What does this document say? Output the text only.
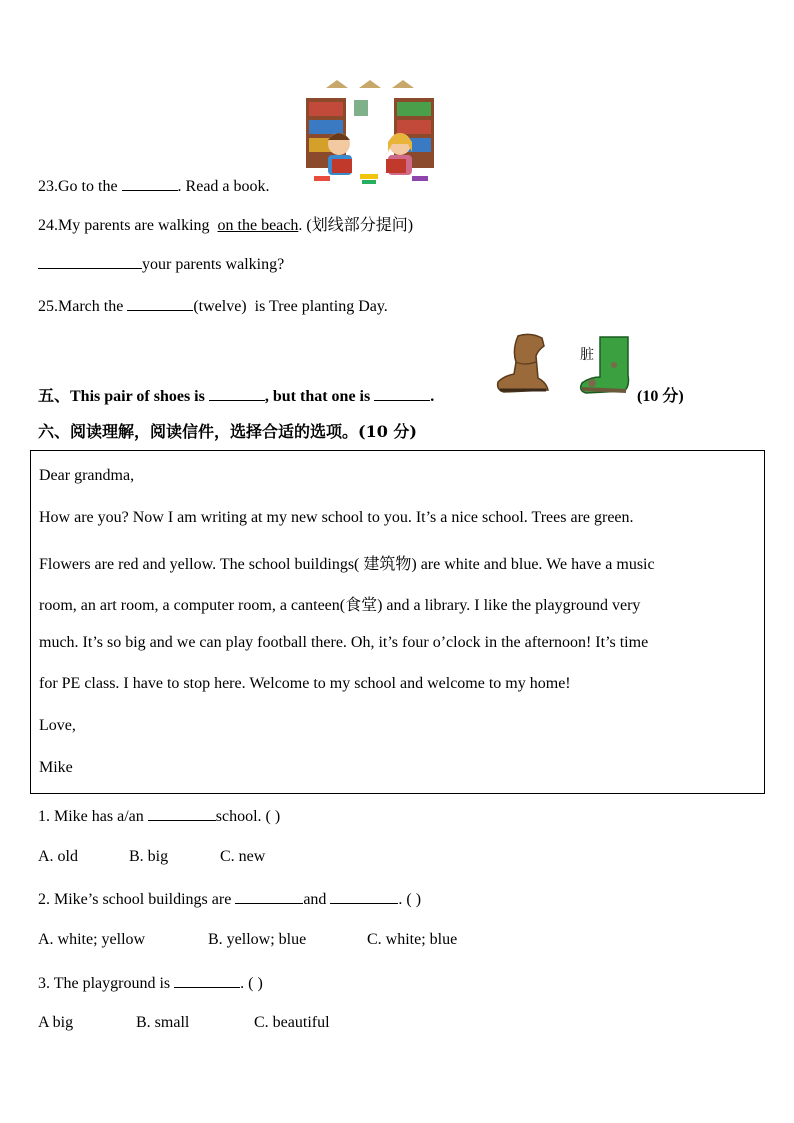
23.Go to the	. Read a book.
24.My parents are walking on the beach. (划线部分提问)
your parents walking?
25.March the	(twelve) is Tree planting Day.
五、This pair of shoes is	, but that one is	.
脏
(10 分)
六、阅读理解，阅读信件，选择合适的选项。(10 分)
Dear grandma,
How are you? Now I am writing at my new school to you. It’s a nice school. Trees are green.
Flowers are red and yellow. The school buildings( 建筑物) are white and blue. We have a music
room, an art room, a computer room, a canteen(食堂) and a library. I like the playground very
much. It’s so big and we can play football there. Oh, it’s four o’clock in the afternoon! It’s time
for PE class. I have to stop here. Welcome to my school and welcome to my home!
Love,
Mike
1. Mike has a/an	school. ( )
A. old	B. big	C. new
2. Mike’s school buildings are	and	. ( )
A. white; yellow	B. yellow; blue	C. white; blue
3. The playground is	. ( )
A big	B. small	C. beautiful
